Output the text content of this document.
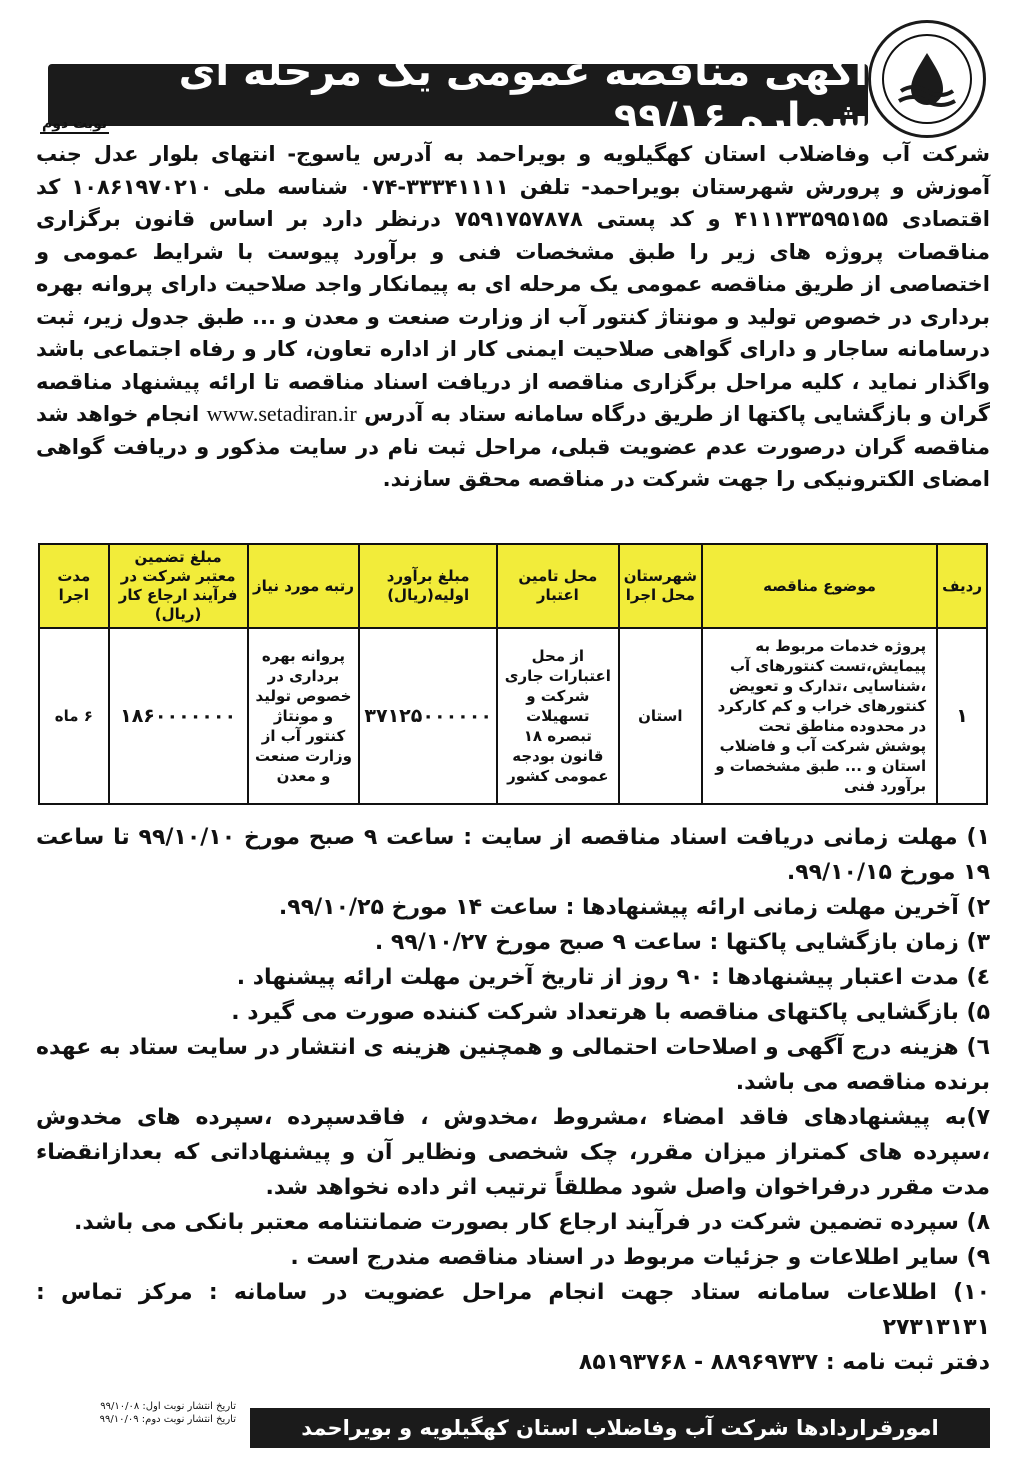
آگهی مناقصه عمومی یک مرحله ای شماره ۹۹/۱۶
نوبت دوم
شرکت آب وفاضلاب استان کهگیلویه و بویراحمد به آدرس یاسوج- انتهای بلوار عدل جنب آموزش و پرورش شهرستان بویراحمد- تلفن ۳۳۳۴۱۱۱۱-۰۷۴ شناسه ملی ۱۰۸۶۱۹۷۰۲۱۰ کد اقتصادی ۴۱۱۱۳۳۵۹۵۱۵۵ و کد پستی ۷۵۹۱۷۵۷۸۷۸ درنظر دارد بر اساس قانون برگزاری مناقصات پروژه های زیر را طبق مشخصات فنی و برآورد پیوست با شرایط عمومی و اختصاصی از طریق مناقصه عمومی یک مرحله ای به پیمانکار واجد صلاحیت دارای پروانه بهره برداری در خصوص تولید و مونتاژ کنتور آب از وزارت صنعت و معدن و ... طبق جدول زیر، ثبت درسامانه ساجار و دارای گواهی صلاحیت ایمنی کار از اداره تعاون، کار و رفاه اجتماعی باشد واگذار نماید ، کلیه مراحل برگزاری مناقصه از دریافت اسناد مناقصه تا ارائه پیشنهاد مناقصه گران و بازگشایی پاکتها از طریق درگاه سامانه ستاد به آدرس www.setadiran.ir انجام خواهد شد مناقصه گران درصورت عدم عضویت قبلی، مراحل ثبت نام در سایت مذکور و دریافت گواهی امضای الکترونیکی را جهت شرکت در مناقصه محقق سازند.
ردیف	موضوع مناقصه	شهرستان محل اجرا	محل تامین اعتبار	مبلغ برآورد اولیه(ریال)	رتبه مورد نیاز	مبلغ تضمین معتبر شرکت در فرآیند ارجاع کار (ریال)	مدت اجرا
۱	پروژه خدمات مربوط به پیمایش،تست کنتورهای آب ،شناسایی ،تدارک و تعویض کنتورهای خراب و کم کارکرد در محدوده مناطق تحت پوشش شرکت آب و فاضلاب استان و ... طبق مشخصات و برآورد فنی	استان	از محل اعتبارات جاری شرکت و تسهیلات تبصره ۱۸ قانون بودجه عمومی کشور	۳۷۱۲۵۰۰۰۰۰۰	پروانه بهره برداری در خصوص تولید و مونتاژ کنتور آب از وزارت صنعت و معدن	۱۸۶۰۰۰۰۰۰۰	۶ ماه

۱) مهلت زمانی دریافت اسناد مناقصه از سایت : ساعت ۹ صبح مورخ ۹۹/۱۰/۱۰ تا ساعت ۱۹ مورخ ۹۹/۱۰/۱۵.

۲) آخرین مهلت زمانی ارائه پیشنهادها : ساعت ۱۴ مورخ ۹۹/۱۰/۲۵.

۳) زمان بازگشایی پاکتها : ساعت ۹ صبح مورخ ۹۹/۱۰/۲۷ .

٤) مدت اعتبار پیشنهادها : ۹۰ روز از تاریخ آخرین مهلت ارائه پیشنهاد .

۵) بازگشایی پاکتهای مناقصه با هرتعداد شرکت کننده صورت می گیرد .

٦) هزینه درج آگهی و اصلاحات احتمالی و همچنین هزینه ی انتشار در سایت ستاد به عهده برنده مناقصه می باشد.

۷)به پیشنهادهای فاقد امضاء ،مشروط ،مخدوش ، فاقدسپرده ،سپرده های مخدوش ،سپرده های کمتراز میزان مقرر، چک شخصی ونظایر آن و پیشنهاداتی که بعدازانقضاء مدت مقرر درفراخوان واصل شود مطلقاً ترتیب اثر داده نخواهد شد.

۸) سپرده تضمین شرکت در فرآیند ارجاع کار بصورت ضمانتنامه معتبر بانکی می باشد.

۹) سایر اطلاعات و جزئیات مربوط در اسناد مناقصه مندرج است .

۱۰) اطلاعات سامانه ستاد جهت انجام مراحل عضویت در سامانه : مرکز تماس : ۲۷۳۱۳۱۳۱

دفتر ثبت نامه : ۸۸۹۶۹۷۳۷ - ۸۵۱۹۳۷۶۸

تاریخ انتشار نوبت اول: ۹۹/۱۰/۰۸
تاریخ انتشار نوبت دوم: ۹۹/۱۰/۰۹	امورقراردادها شرکت آب وفاضلاب استان کهگیلویه و بویراحمد
